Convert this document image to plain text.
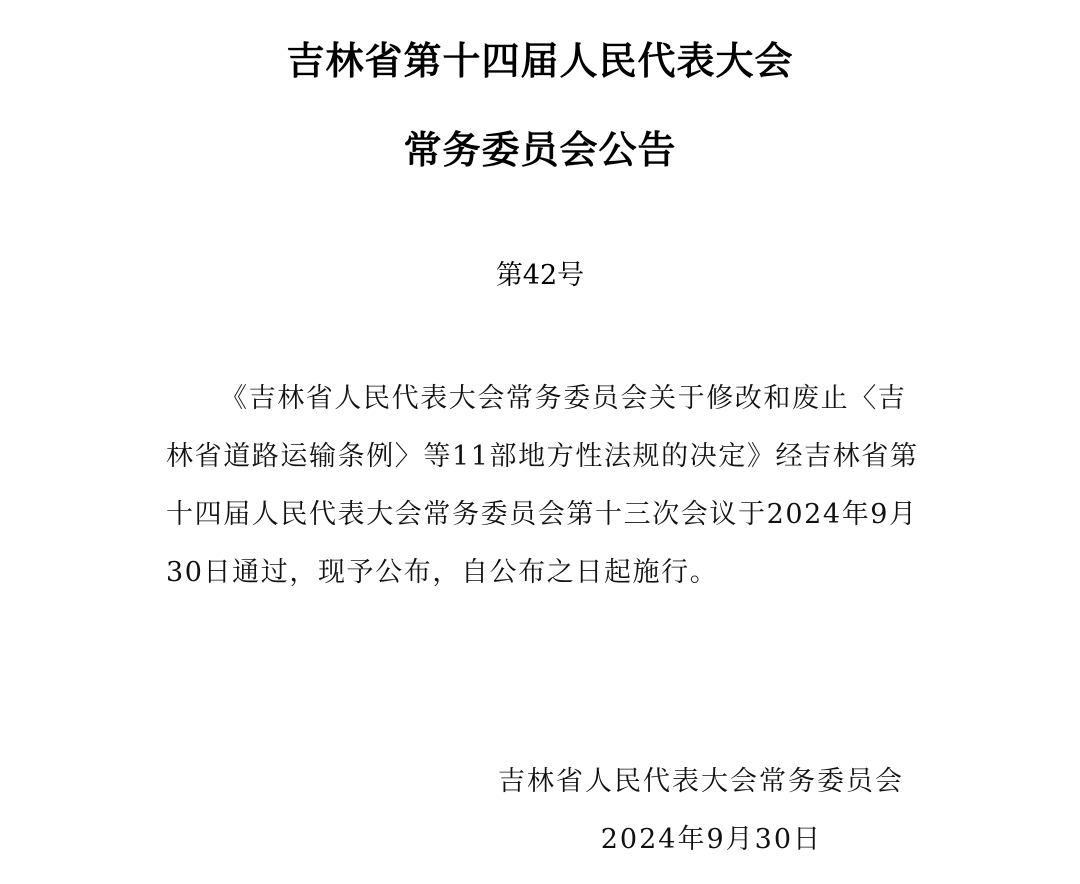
吉林省第十四届人民代表大会
常务委员会公告
第42号

《吉林省人民代表大会常务委员会关于修改和废止〈吉林省道路运输条例〉等11部地方性法规的决定》经吉林省第十四届人民代表大会常务委员会第十三次会议于2024年9月30日通过，现予公布，自公布之日起施行。

吉林省人民代表大会常务委员会
2024年9月30日
